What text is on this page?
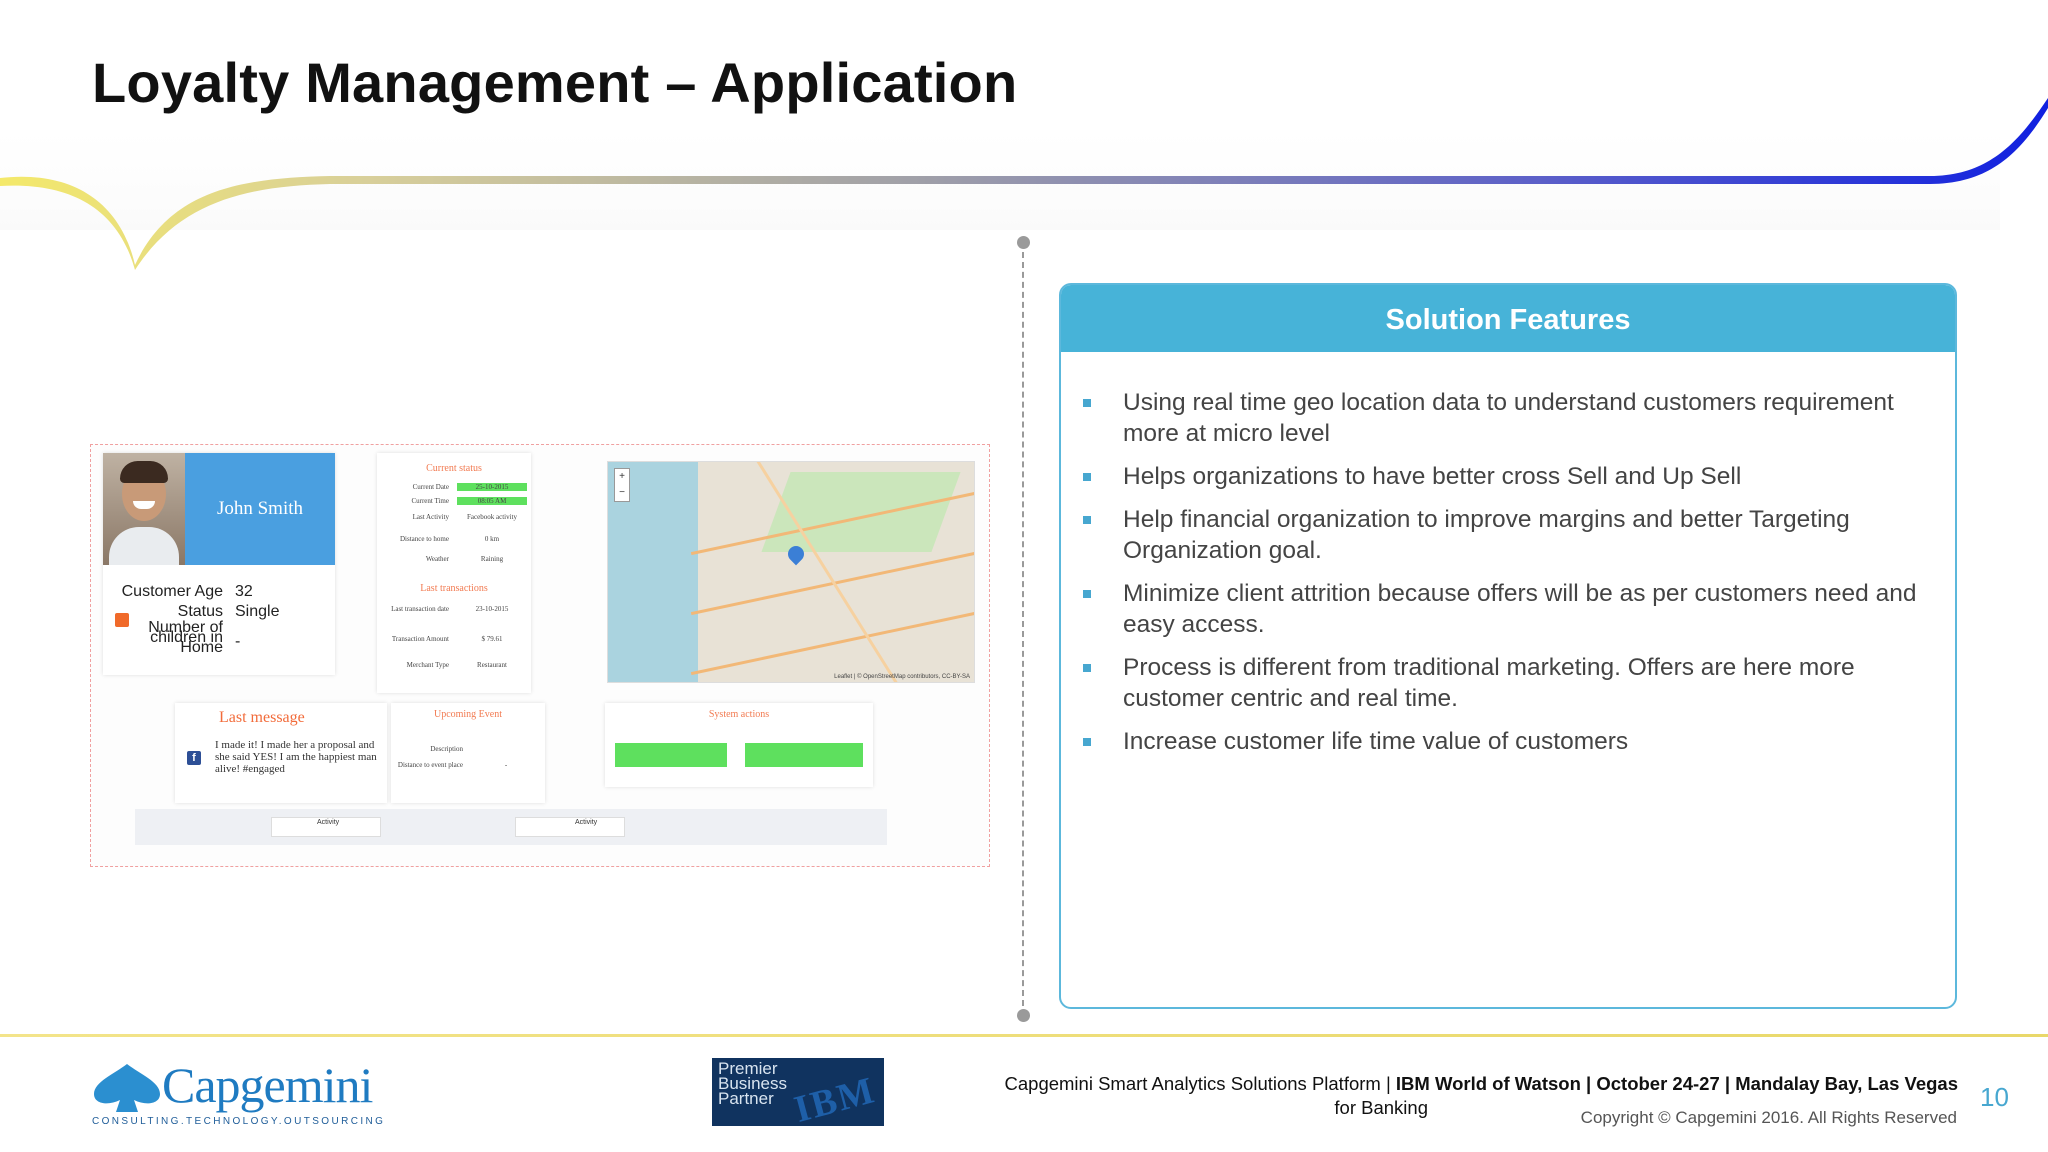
Loyalty Management – Application
John Smith
Customer Age 32
Status Single
Number of children in Home -
Current status
Current Date	25-10-2015
Current Time	08:05 AM
Last Activity	Facebook activity
Distance to home	0 km
Weather	Raining
Last transactions
Last transaction date	23-10-2015
Transaction Amount	$ 79.61
Merchant Type	Restaurant
+
−
Leaflet | © OpenStreetMap contributors, CC-BY-SA
Last message
f
I made it! I made her a proposal and she said YES! I am the happiest man alive! #engaged
Upcoming Event
Description
Distance to event place	-
System actions
Activity	Activity
Solution Features
Using real time geo location data to understand customers requirement more at micro level
Helps organizations to have better cross Sell and Up Sell
Help financial organization to improve margins and better Targeting Organization goal.
Minimize client attrition because offers will be as per customers need and easy access.
Process is different from traditional marketing. Offers are here more customer centric and real time.
Increase customer life time value of customers
Capgemini
CONSULTING.TECHNOLOGY.OUTSOURCING
Premier
Business
Partner IBM	Capgemini Smart Analytics Solutions Platform | IBM World of Watson | October 24-27 | Mandalay Bay, Las Vegas
for Banking	Copyright © Capgemini 2016. All Rights Reserved
10
